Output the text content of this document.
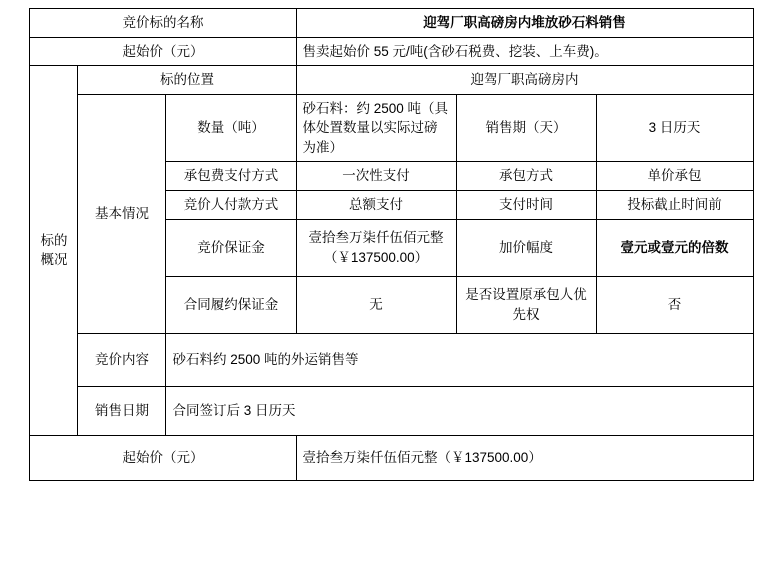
竞价标的名称			迎驾厂职高磅房内堆放砂石料销售		
起始价（元）			售卖起始价 55 元/吨(含砂石税费、挖装、上车费)。		
标的概况	标的位置		迎驾厂职高磅房内		
	基本情况	数量（吨）	砂石料：约 2500 吨（具体处置数量以实际过磅为准）	销售期（天）	3 日历天
		承包费支付方式	一次性支付	承包方式	单价承包
		竞价人付款方式	总额支付	支付时间	投标截止时间前
		竞价保证金	壹拾叁万柒仟伍佰元整（￥137500.00）	加价幅度	壹元或壹元的倍数
		合同履约保证金	无	是否设置原承包人优先权	否
	竞价内容	砂石料约 2500 吨的外运销售等			
	销售日期	合同签订后 3 日历天			
起始价（元）			壹拾叁万柒仟伍佰元整（￥137500.00）		
